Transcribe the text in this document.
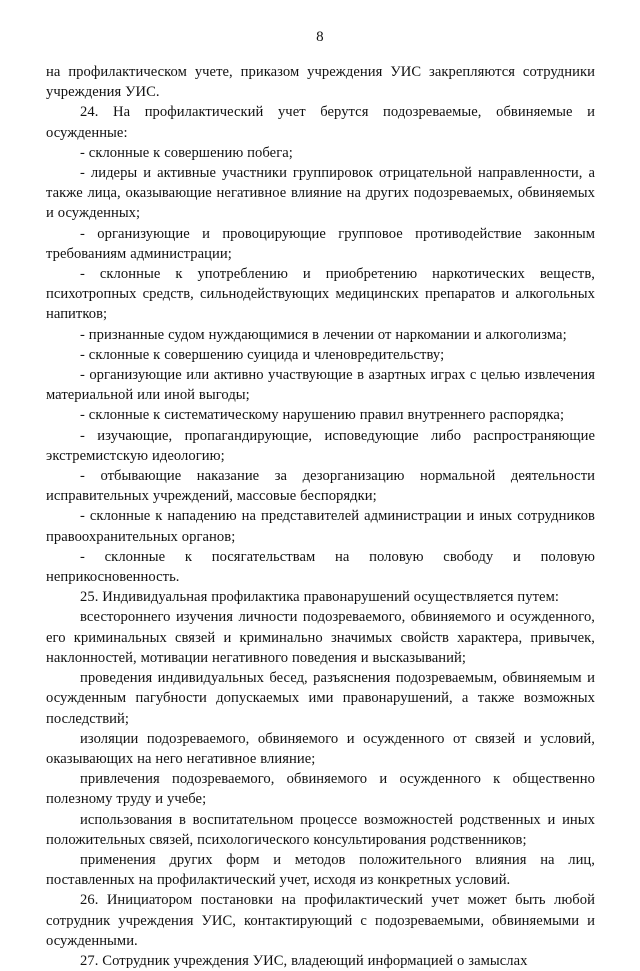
8

на профилактическом учете, приказом учреждения УИС закрепляются сотрудники учреждения УИС.

24. На профилактический учет берутся подозреваемые, обвиняемые и осужденные:

- склонные к совершению побега;

- лидеры и активные участники группировок отрицательной направленности, а также лица, оказывающие негативное влияние на других подозреваемых, обвиняемых и осужденных;

- организующие и провоцирующие групповое противодействие законным требованиям администрации;

- склонные к употреблению и приобретению наркотических веществ, психотропных средств, сильнодействующих медицинских препаратов и алкогольных напитков;

- признанные судом нуждающимися в лечении от наркомании и алкоголизма;

- склонные к совершению суицида и членовредительству;

- организующие или активно участвующие в азартных играх с целью извлечения материальной или иной выгоды;

- склонные к систематическому нарушению правил внутреннего распорядка;

- изучающие, пропагандирующие, исповедующие либо распространяющие экстремистскую идеологию;

- отбывающие наказание за дезорганизацию нормальной деятельности исправительных учреждений, массовые беспорядки;

- склонные к нападению на представителей администрации и иных сотрудников правоохранительных органов;

- склонные к посягательствам на половую свободу и половую неприкосновенность.

25. Индивидуальная профилактика правонарушений осуществляется путем:

всестороннего изучения личности подозреваемого, обвиняемого и осужденного, его криминальных связей и криминально значимых свойств характера, привычек, наклонностей, мотивации негативного поведения и высказываний;

проведения индивидуальных бесед, разъяснения подозреваемым, обвиняемым и осужденным пагубности допускаемых ими правонарушений, а также возможных последствий;

изоляции подозреваемого, обвиняемого и осужденного от связей и условий, оказывающих на него негативное влияние;

привлечения подозреваемого, обвиняемого и осужденного к общественно полезному труду и учебе;

использования в воспитательном процессе возможностей родственных и иных положительных связей, психологического консультирования родственников;

применения других форм и методов положительного влияния на лиц, поставленных на профилактический учет, исходя из конкретных условий.

26. Инициатором постановки на профилактический учет может быть любой сотрудник учреждения УИС, контактирующий с подозреваемыми, обвиняемыми и осужденными.

27. Сотрудник учреждения УИС, владеющий информацией о замыслах
